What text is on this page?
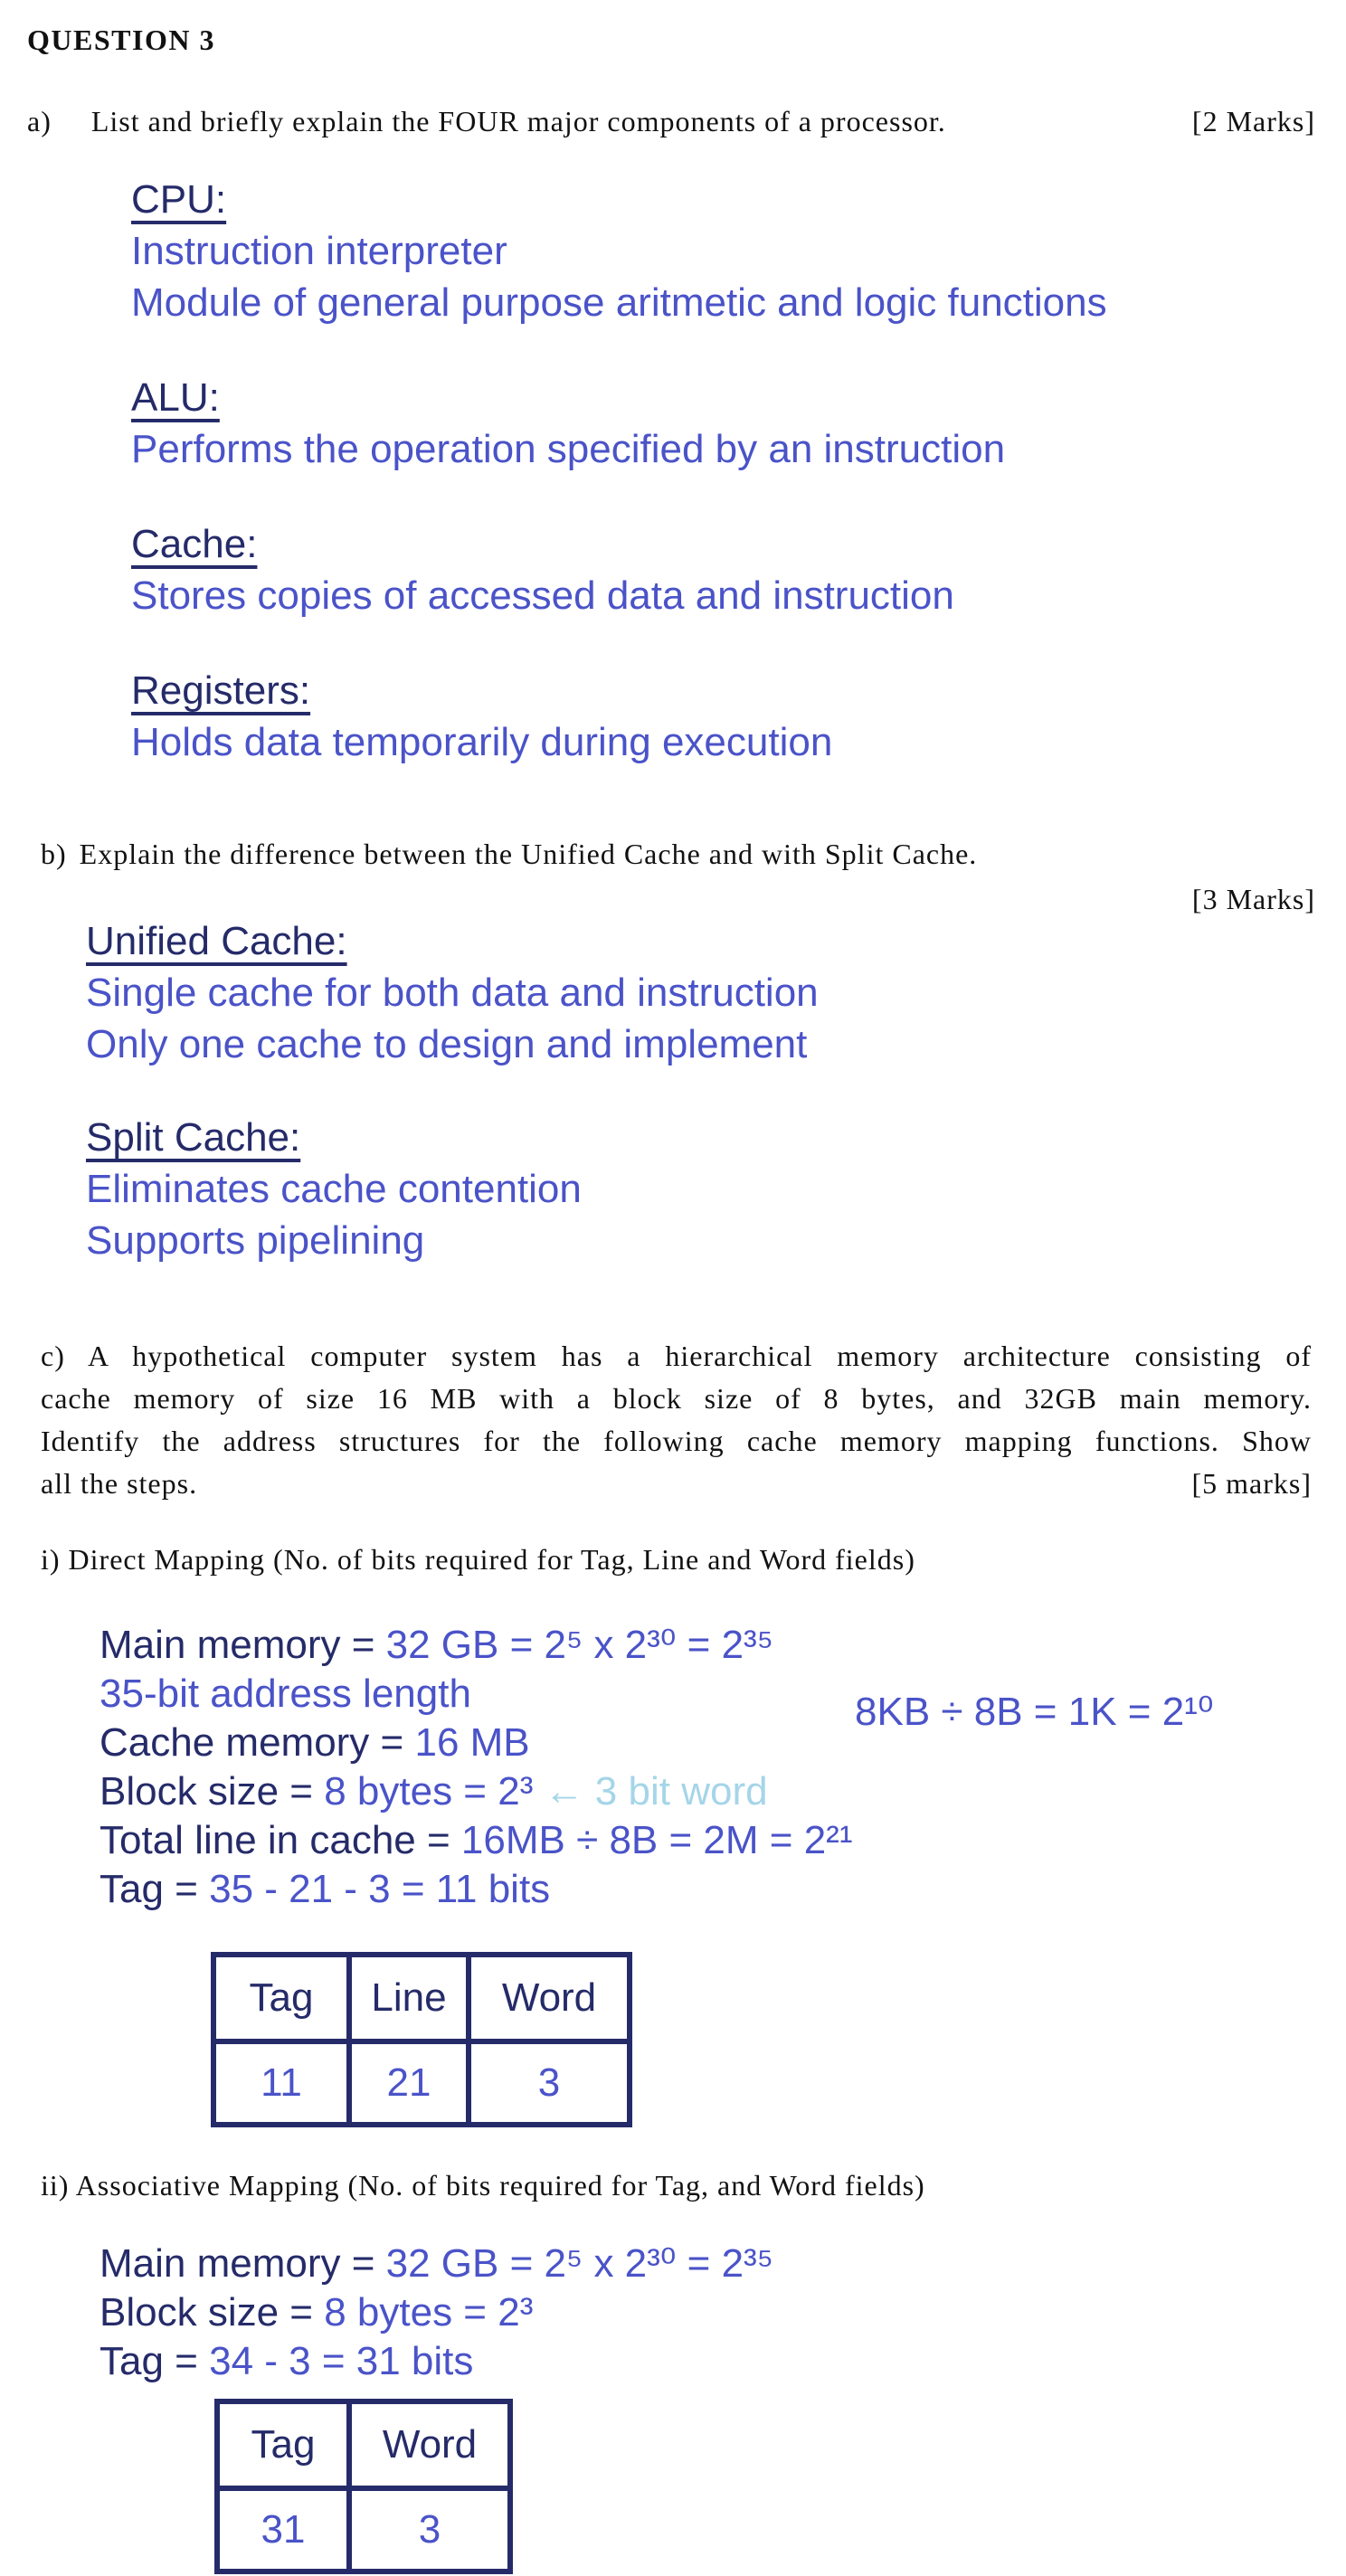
QUESTION 3
a) List and briefly explain the FOUR major components of a processor.	[2 Marks]
CPU:
Instruction interpreter
Module of general purpose aritmetic and logic functions
ALU:
Performs the operation specified by an instruction
Cache:
Stores copies of accessed data and instruction
Registers:
Holds data temporarily during execution
b) Explain the difference between the Unified Cache and with Split Cache.
[3 Marks]
Unified Cache:
Single cache for both data and instruction
Only one cache to design and implement
Split Cache:
Eliminates cache contention
Supports pipelining
c) A hypothetical computer system has a hierarchical memory architecture consisting of
cache memory of size 16 MB with a block size of 8 bytes, and 32GB main memory.
Identify the address structures for the following cache memory mapping functions. Show
all the steps.	[5 marks]
i) Direct Mapping (No. of bits required for Tag, Line and Word fields)
Main memory = 32 GB = 2⁵ x 2³⁰ = 2³⁵
35-bit address length
Cache memory = 16 MB
Block size = 8 bytes = 2³ ← 3 bit word
Total line in cache = 16MB ÷ 8B = 2M = 2²¹
Tag = 35 - 21 - 3 = 11 bits
8KB ÷ 8B = 1K = 2¹⁰
Tag	Line	Word
11	21	3
ii) Associative Mapping (No. of bits required for Tag, and Word fields)
Main memory = 32 GB = 2⁵ x 2³⁰ = 2³⁵
Block size = 8 bytes = 2³
Tag = 34 - 3 = 31 bits
Tag	Word
31	3
